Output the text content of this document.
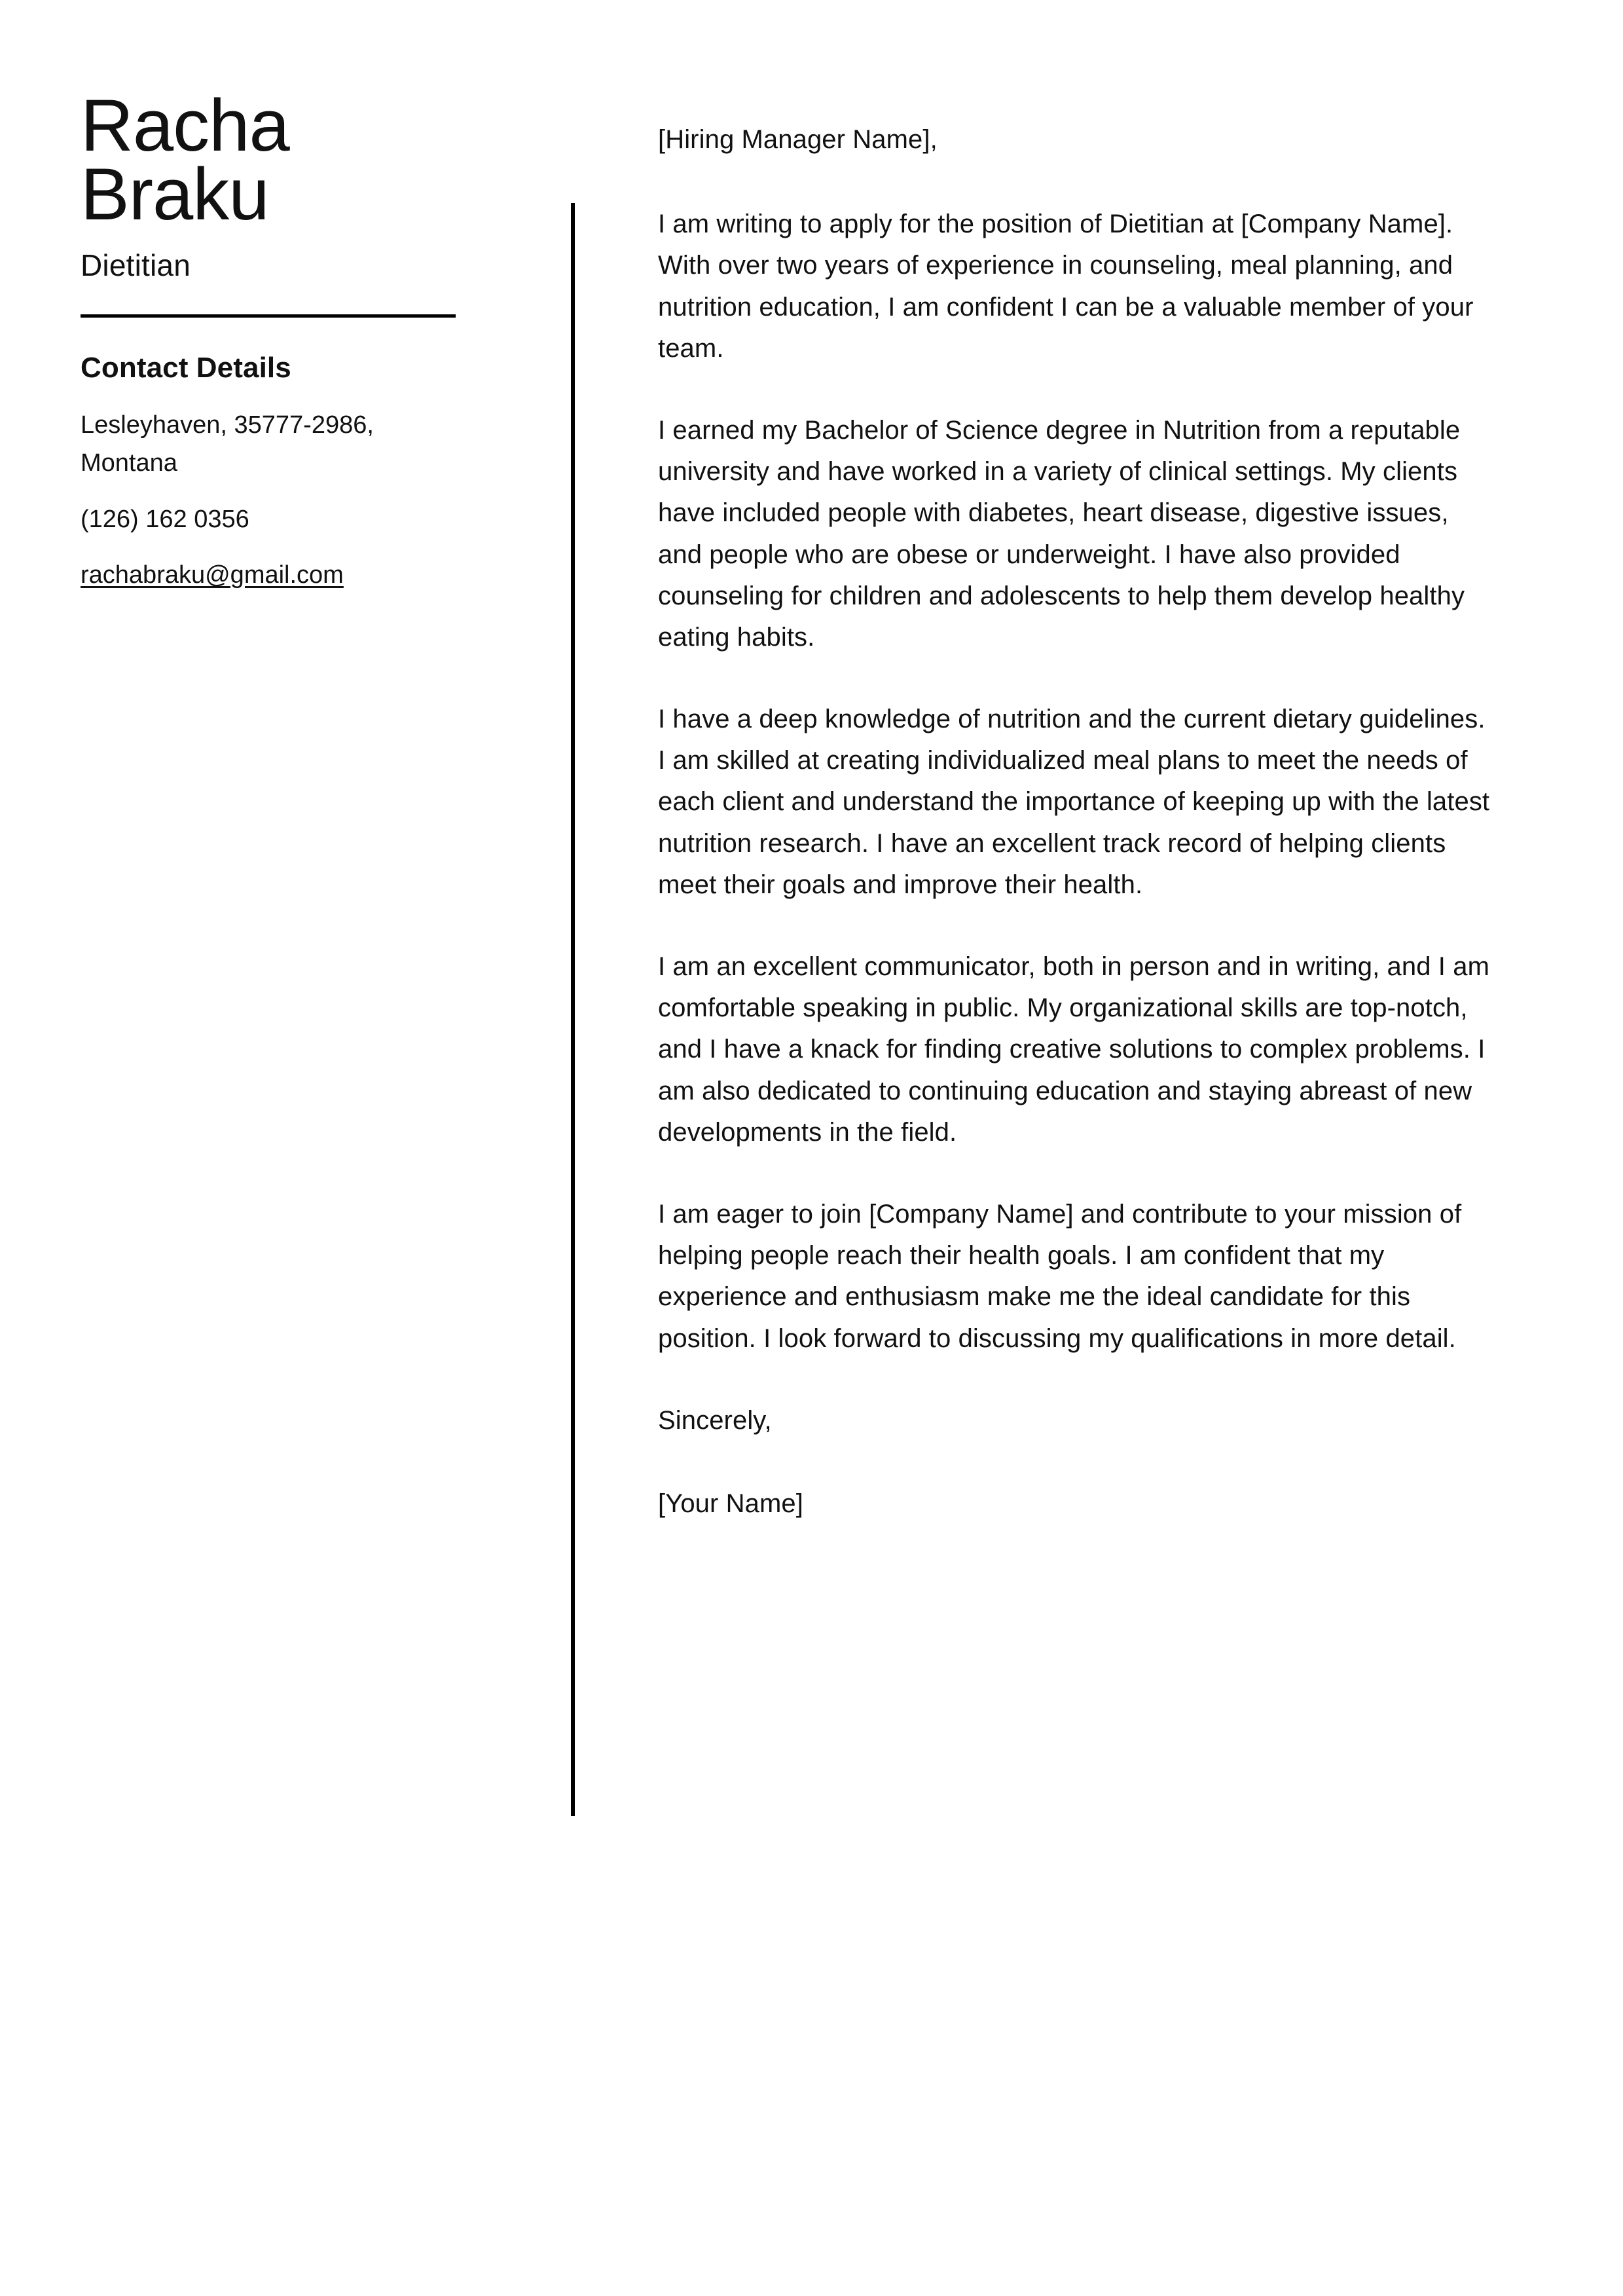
Racha
Braku
Dietitian
Contact Details
Lesleyhaven, 35777-2986, Montana
(126) 162 0356
rachabraku@gmail.com

[Hiring Manager Name],

I am writing to apply for the position of Dietitian at [Company Name]. With over two years of experience in counseling, meal planning, and nutrition education, I am confident I can be a valuable member of your team.

I earned my Bachelor of Science degree in Nutrition from a reputable university and have worked in a variety of clinical settings. My clients have included people with diabetes, heart disease, digestive issues, and people who are obese or underweight. I have also provided counseling for children and adolescents to help them develop healthy eating habits.

I have a deep knowledge of nutrition and the current dietary guidelines. I am skilled at creating individualized meal plans to meet the needs of each client and understand the importance of keeping up with the latest nutrition research. I have an excellent track record of helping clients meet their goals and improve their health.

I am an excellent communicator, both in person and in writing, and I am comfortable speaking in public. My organizational skills are top-notch, and I have a knack for finding creative solutions to complex problems. I am also dedicated to continuing education and staying abreast of new developments in the field.

I am eager to join [Company Name] and contribute to your mission of helping people reach their health goals. I am confident that my experience and enthusiasm make me the ideal candidate for this position. I look forward to discussing my qualifications in more detail.

Sincerely,

[Your Name]
